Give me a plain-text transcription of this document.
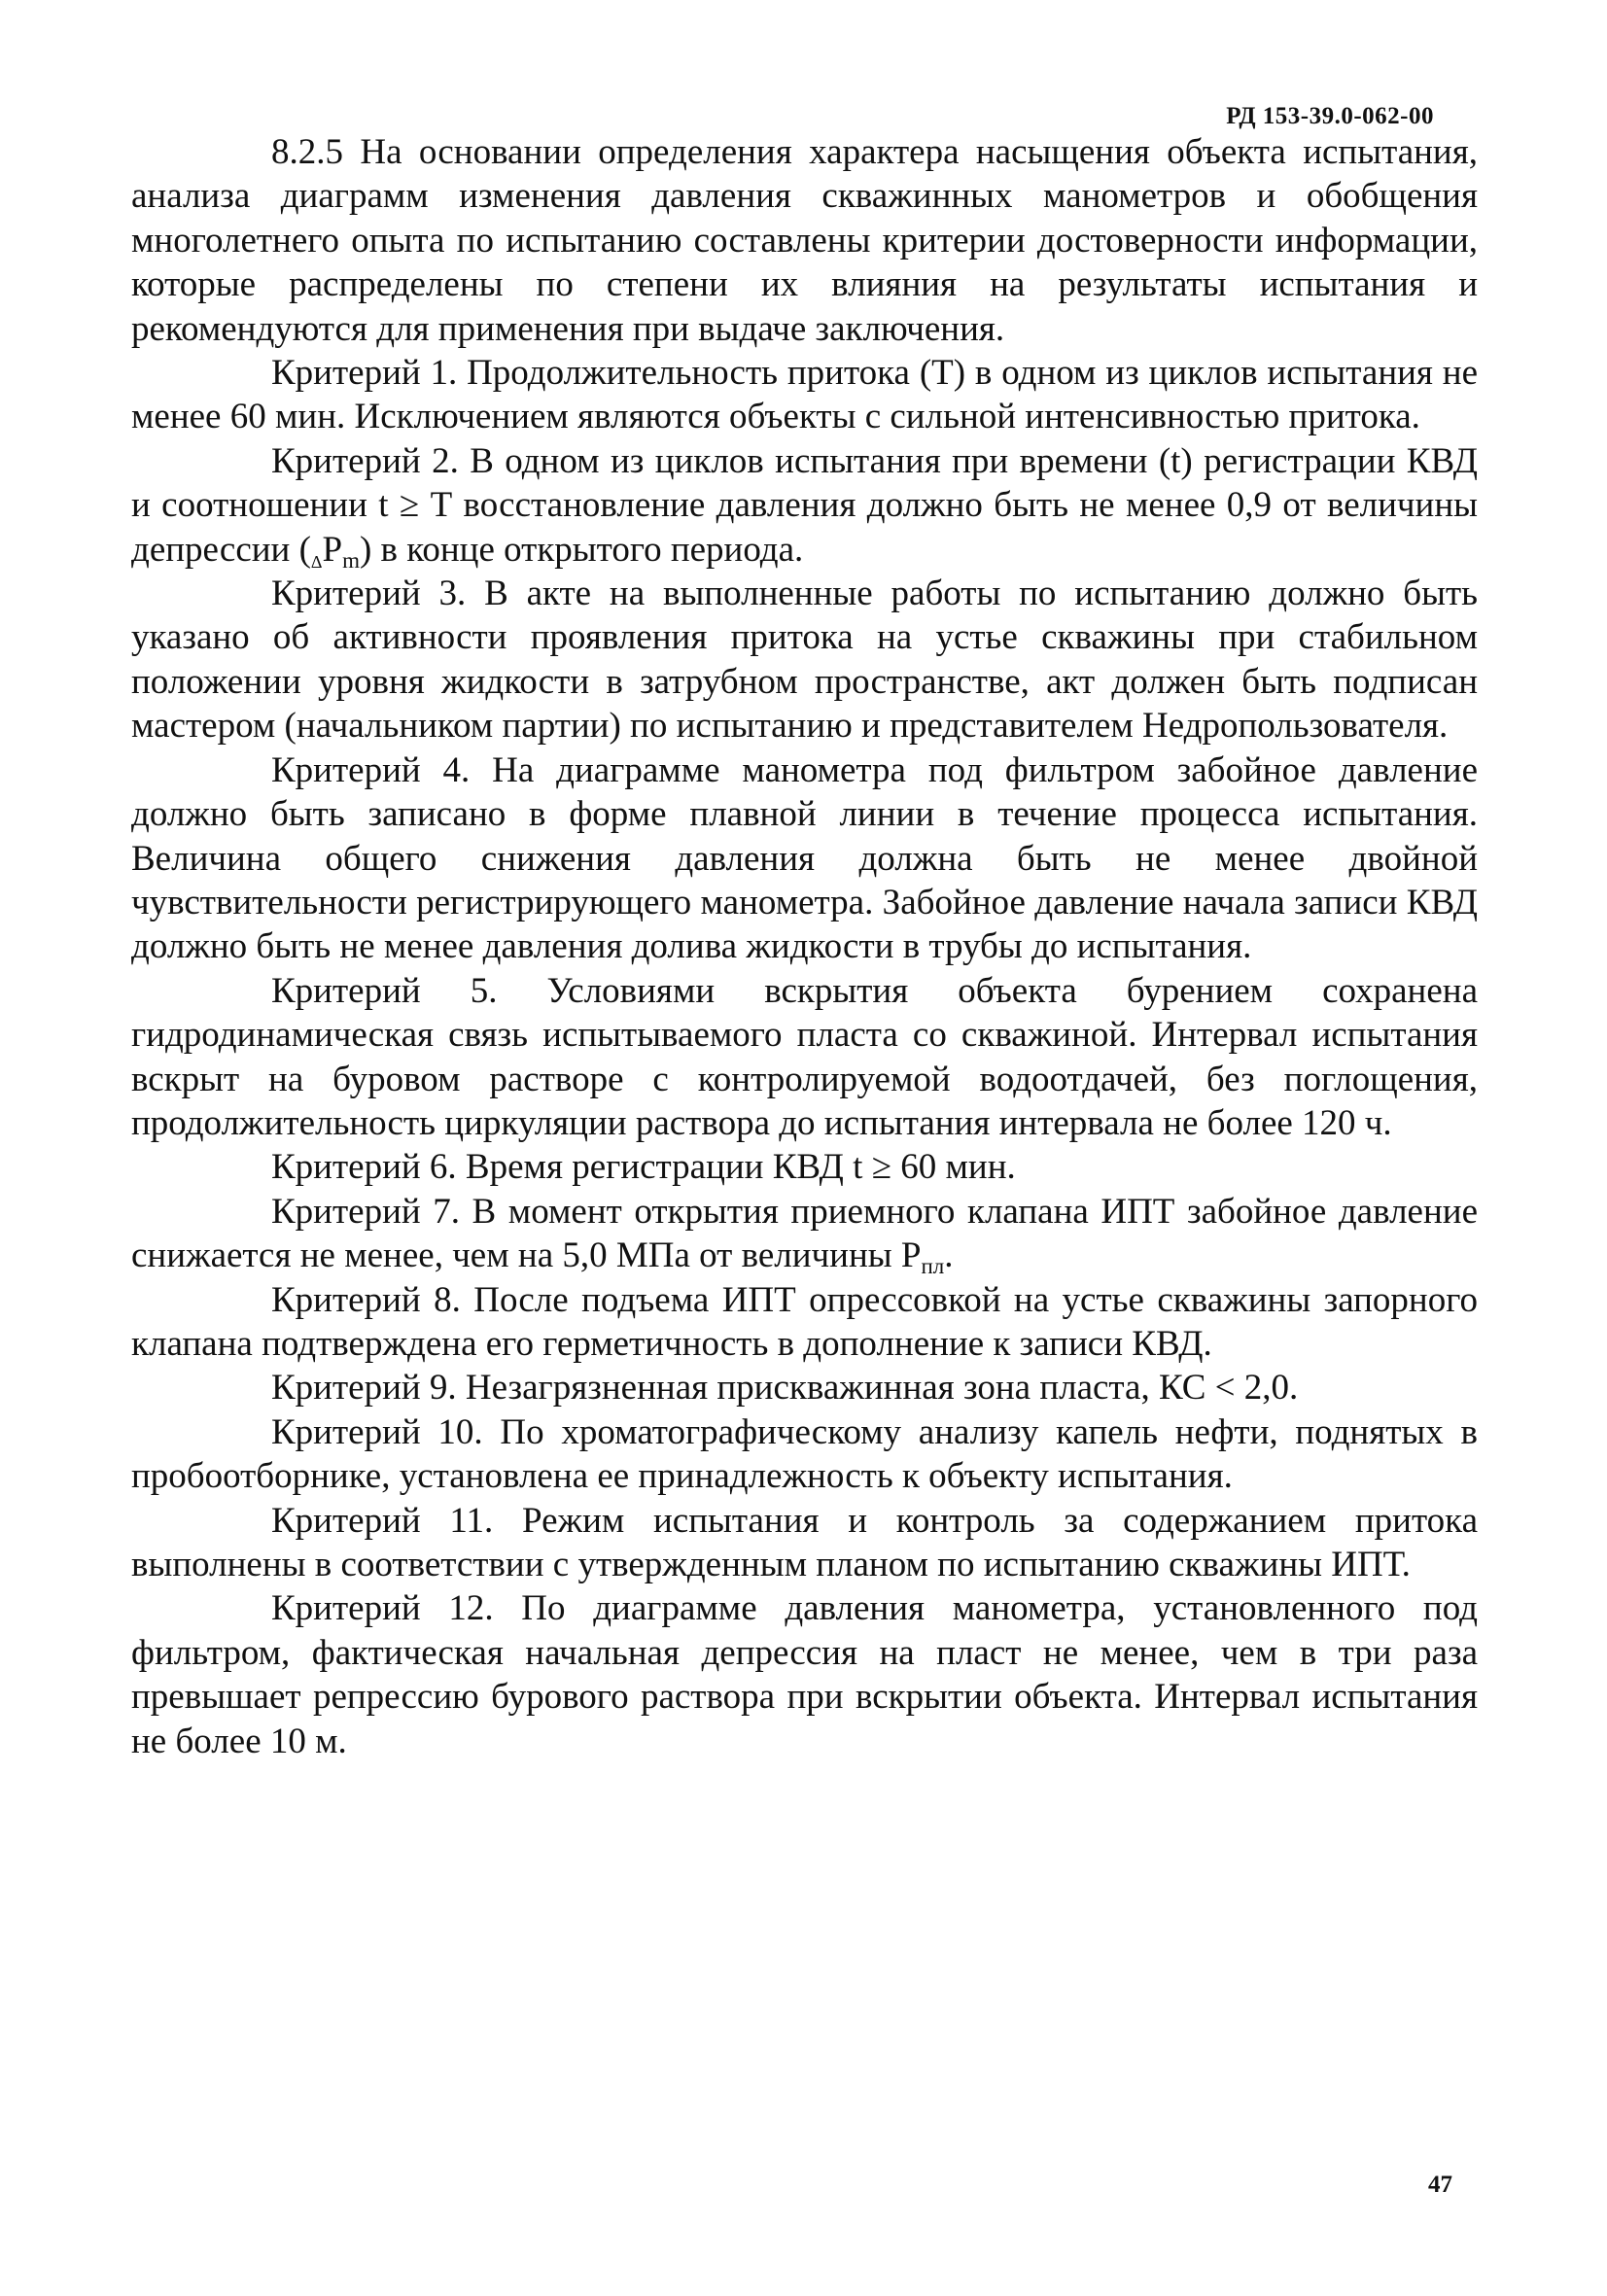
РД 153-39.0-062-00

8.2.5 На основании определения характера насыщения объекта испытания, анализа диаграмм изменения давления скважинных манометров и обобщения многолетнего опыта по испытанию составлены критерии достоверности информации, которые распределены по степени их влияния на результаты испытания и рекомендуются для применения при выдаче заключения.

Критерий 1. Продолжительность притока (Т) в одном из циклов испытания не менее 60 мин. Исключением являются объекты с сильной интенсивностью притока.

Критерий 2. В одном из циклов испытания при времени (t) регистрации КВД и соотношении t ≥ Т восстановление давления должно быть не менее 0,9 от величины депрессии $(\Delta P_m)$ в конце открытого периода.

Критерий 3. В акте на выполненные работы по испытанию должно быть указано об активности проявления притока на устье скважины при стабильном положении уровня жидкости в затрубном пространстве, акт должен быть подписан мастером (начальником партии) по испытанию и представителем Недропользователя.

Критерий 4. На диаграмме манометра под фильтром забойное давление должно быть записано в форме плавной линии в течение процесса испытания. Величина общего снижения давления должна быть не менее двойной чувствительности регистрирующего манометра. Забойное давление начала записи КВД должно быть не менее давления долива жидкости в трубы до испытания.

Критерий 5. Условиями вскрытия объекта бурением сохранена гидродинамическая связь испытываемого пласта со скважиной. Интервал испытания вскрыт на буровом растворе с контролируемой водоотдачей, без поглощения, продолжительность циркуляции раствора до испытания интервала не более 120 ч.

Критерий 6. Время регистрации КВД t ≥ 60 мин.

Критерий 7. В момент открытия приемного клапана ИПТ забойное давление снижается не менее, чем на 5,0 МПа от величины $P_{пл}$.

Критерий 8. После подъема ИПТ опрессовкой на устье скважины запорного клапана подтверждена его герметичность в дополнение к записи КВД.

Критерий 9. Незагрязненная прискважинная зона пласта, КС < 2,0.

Критерий 10. По хроматографическому анализу капель нефти, поднятых в пробоотборнике, установлена ее принадлежность к объекту испытания.

Критерий 11. Режим испытания и контроль за содержанием притока выполнены в соответствии с утвержденным планом по испытанию скважины ИПТ.

Критерий 12. По диаграмме давления манометра, установленного под фильтром, фактическая начальная депрессия на пласт не менее, чем в три раза превышает репрессию бурового раствора при вскрытии объекта. Интервал испытания не более 10 м.

47
